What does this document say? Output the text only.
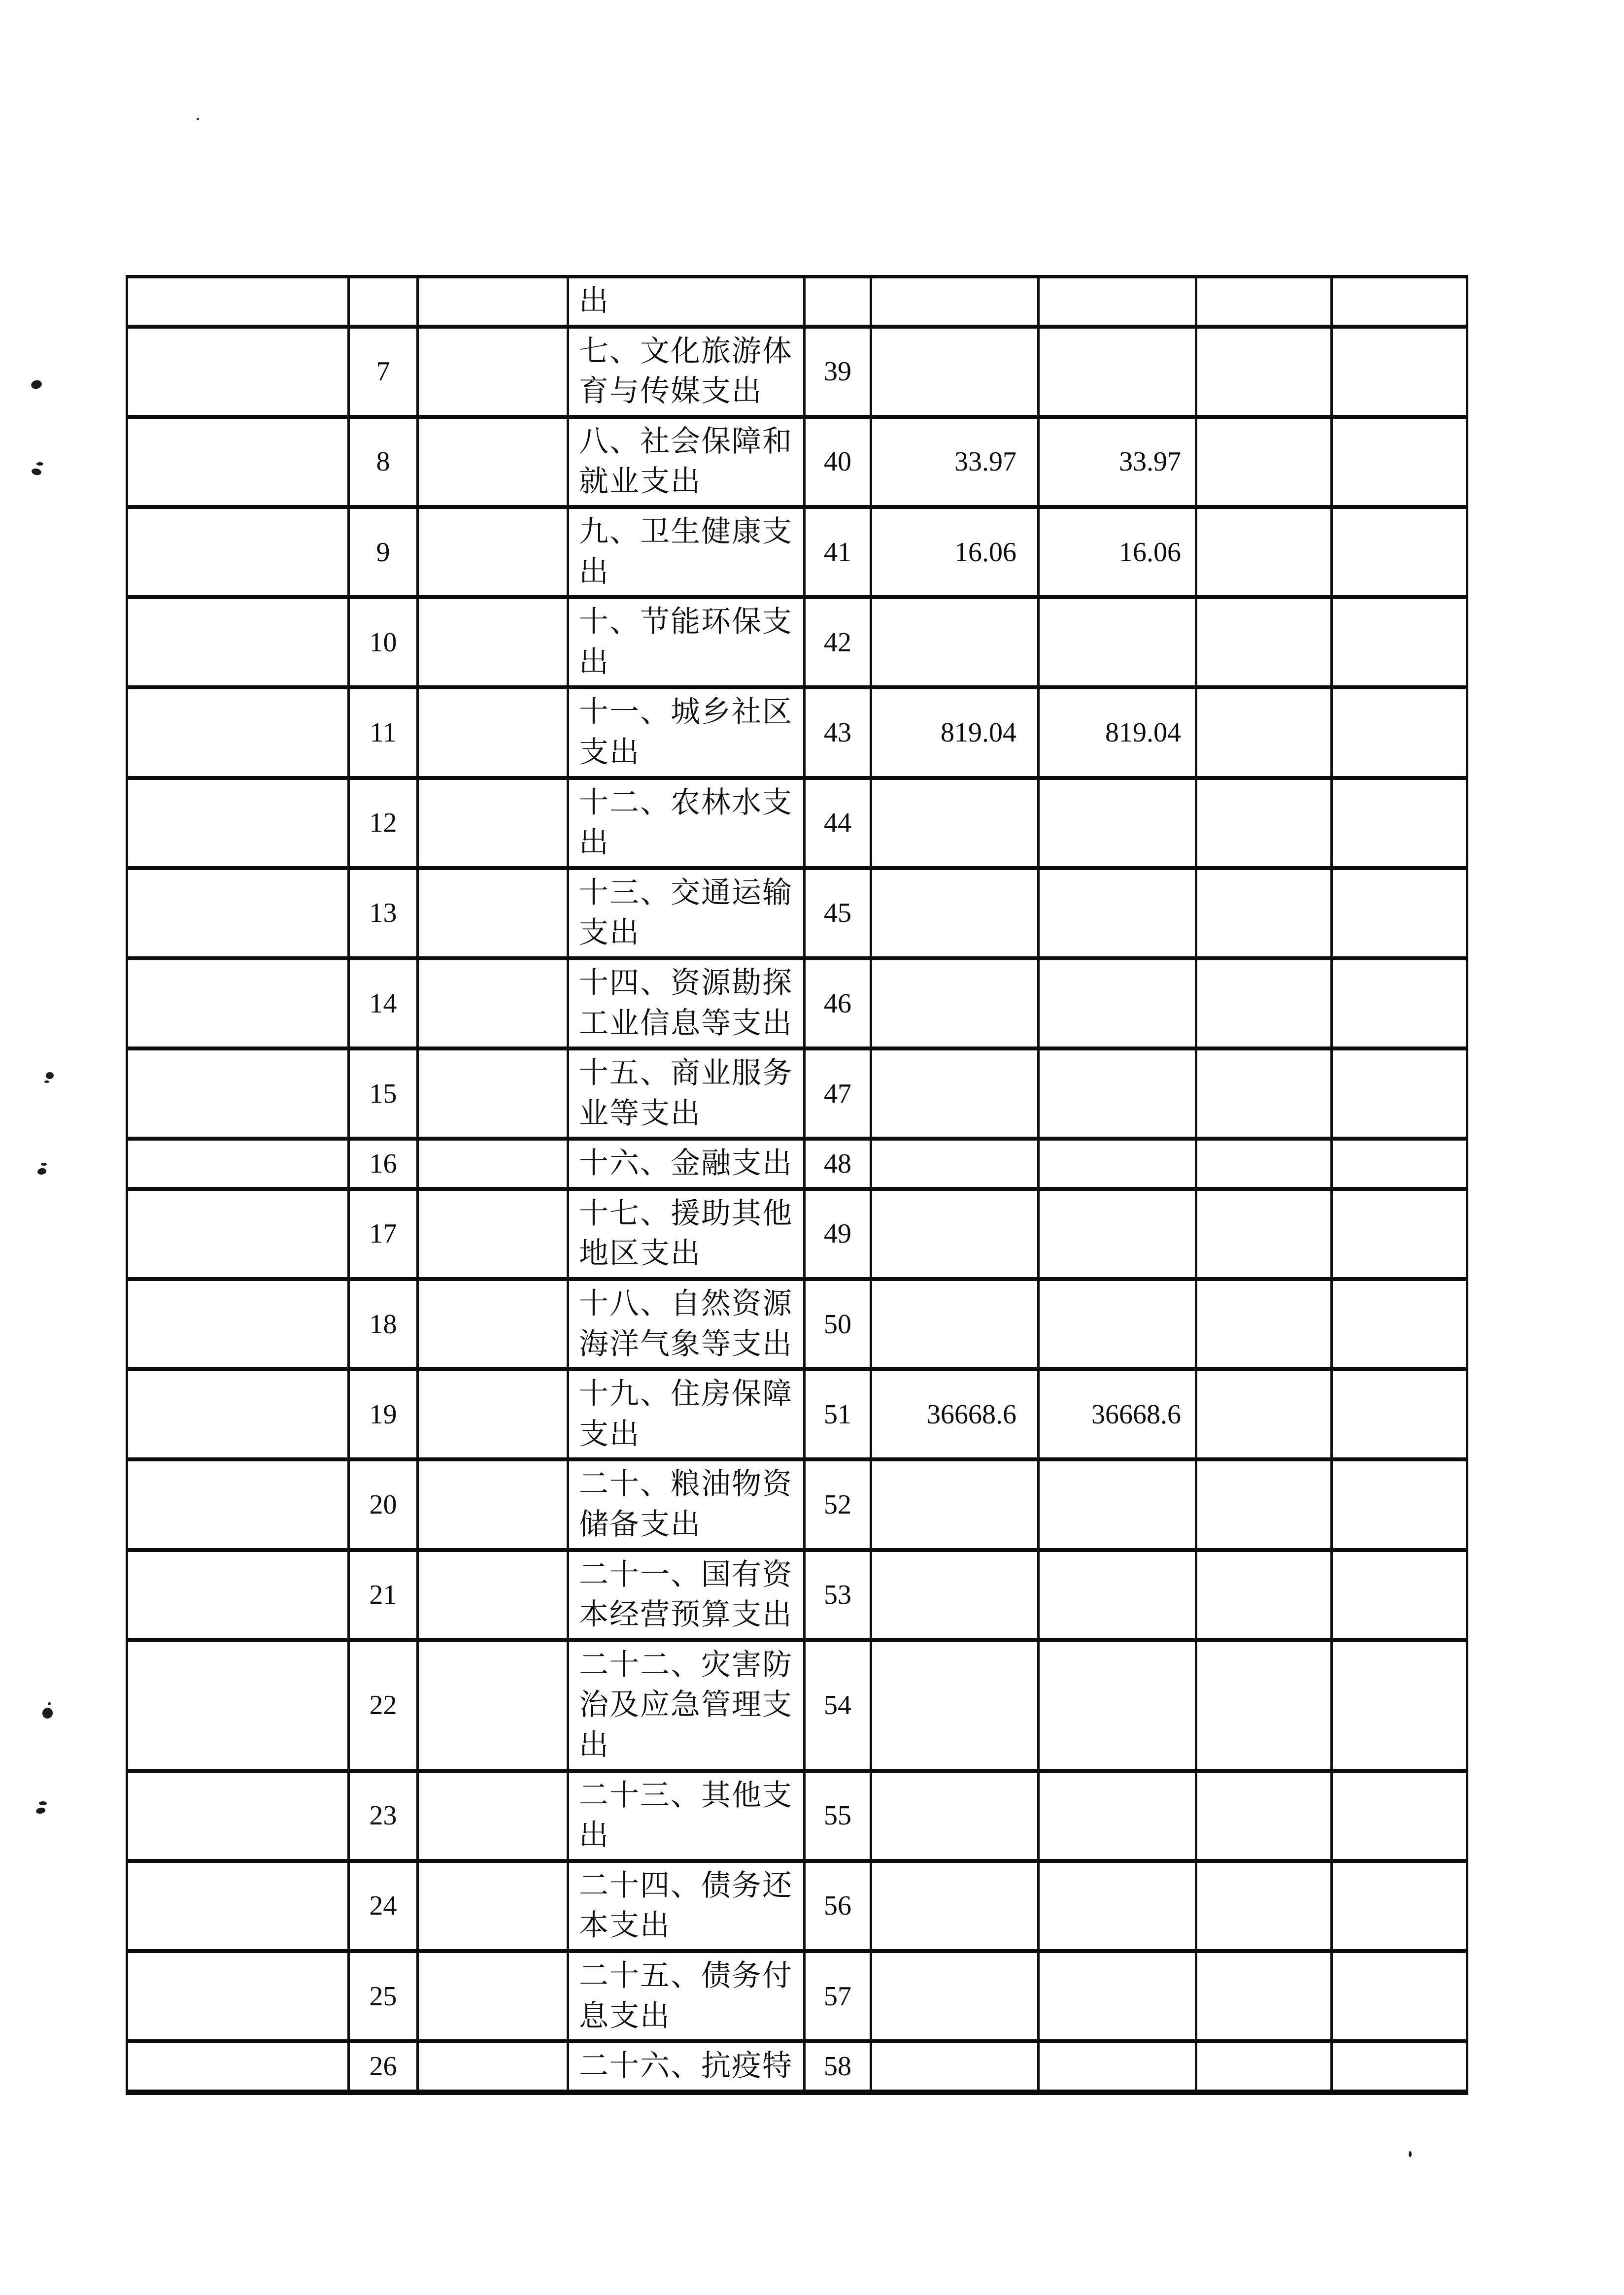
			出					
	7		七、文化旅游体育与传媒支出	39				
	8		八、社会保障和就业支出	40	33.97	33.97		
	9		九、卫生健康支出	41	16.06	16.06		
	10		十、节能环保支出	42				
	11		十一、城乡社区支出	43	819.04	819.04		
	12		十二、农林水支出	44				
	13		十三、交通运输支出	45				
	14		十四、资源勘探工业信息等支出	46				
	15		十五、商业服务业等支出	47				
	16		十六、金融支出	48				
	17		十七、援助其他地区支出	49				
	18		十八、自然资源海洋气象等支出	50				
	19		十九、住房保障支出	51	36668.6	36668.6		
	20		二十、粮油物资储备支出	52				
	21		二十一、国有资本经营预算支出	53				
	22		二十二、灾害防治及应急管理支出	54				
	23		二十三、其他支出	55				
	24		二十四、债务还本支出	56				
	25		二十五、债务付息支出	57				
	26		二十六、抗疫特	58				
